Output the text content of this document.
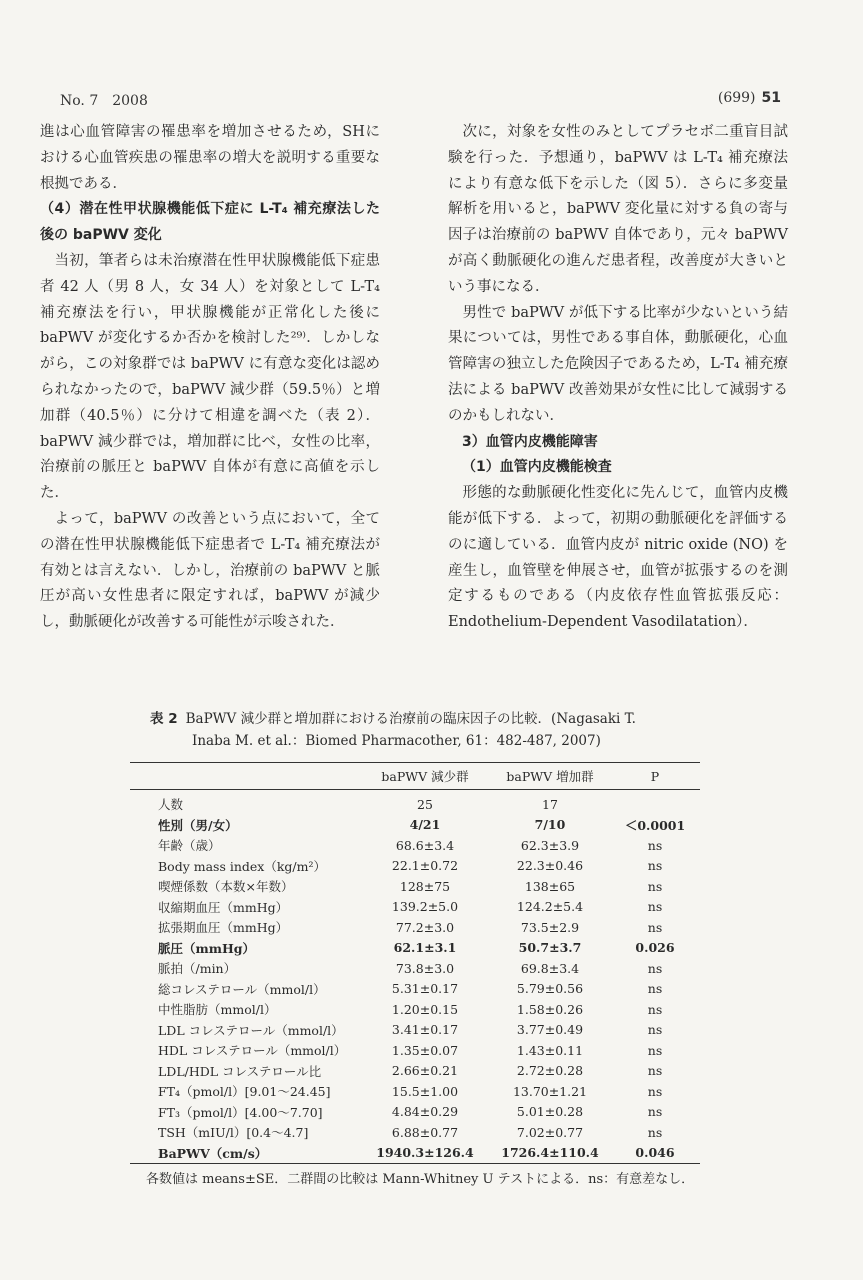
No. 7　2008	(699) 51

進は心血管障害の罹患率を増加させるため，SHにおける心血管疾患の罹患率の増大を説明する重要な根拠である．

（4）潜在性甲状腺機能低下症に L-T₄ 補充療法した後の baPWV 変化

当初，筆者らは未治療潜在性甲状腺機能低下症患者 42 人（男 8 人，女 34 人）を対象として L-T₄ 補充療法を行い，甲状腺機能が正常化した後に baPWV が変化するか否かを検討した²⁹⁾．しかしながら，この対象群では baPWV に有意な変化は認められなかったので，baPWV 減少群（59.5％）と増加群（40.5％）に分けて相違を調べた（表 2）．baPWV 減少群では，増加群に比べ，女性の比率，治療前の脈圧と baPWV 自体が有意に高値を示した．

よって，baPWV の改善という点において，全ての潜在性甲状腺機能低下症患者で L-T₄ 補充療法が有効とは言えない．しかし，治療前の baPWV と脈圧が高い女性患者に限定すれば，baPWV が減少し，動脈硬化が改善する可能性が示唆された．

次に，対象を女性のみとしてプラセボ二重盲目試験を行った．予想通り，baPWV は L-T₄ 補充療法により有意な低下を示した（図 5）．さらに多変量解析を用いると，baPWV 変化量に対する負の寄与因子は治療前の baPWV 自体であり，元々 baPWV が高く動脈硬化の進んだ患者程，改善度が大きいという事になる．

男性で baPWV が低下する比率が少ないという結果については，男性である事自体，動脈硬化，心血管障害の独立した危険因子であるため，L-T₄ 補充療法による baPWV 改善効果が女性に比して減弱するのかもしれない．

3）血管内皮機能障害
（1）血管内皮機能検査

形態的な動脈硬化性変化に先んじて，血管内皮機能が低下する．よって，初期の動脈硬化を評価するのに適している．血管内皮が nitric oxide (NO) を産生し，血管壁を伸展させ，血管が拡張するのを測定するものである（内皮依存性血管拡張反応：Endothelium-Dependent Vasodilatation）．

表 2 BaPWV 減少群と増加群における治療前の臨床因子の比較．(Nagasaki T.
Inaba M. et al.：Biomed Pharmacother, 61：482-487, 2007)
	baPWV 減少群	baPWV 増加群	P
人数	25	17	
性別（男/女）	4/21	7/10	＜0.0001
年齢（歳）	68.6±3.4	62.3±3.9	ns
Body mass index（kg/m²）	22.1±0.72	22.3±0.46	ns
喫煙係数（本数×年数）	128±75	138±65	ns
収縮期血圧（mmHg）	139.2±5.0	124.2±5.4	ns
拡張期血圧（mmHg）	77.2±3.0	73.5±2.9	ns
脈圧（mmHg）	62.1±3.1	50.7±3.7	0.026
脈拍（/min）	73.8±3.0	69.8±3.4	ns
総コレステロール（mmol/l）	5.31±0.17	5.79±0.56	ns
中性脂肪（mmol/l）	1.20±0.15	1.58±0.26	ns
LDL コレステロール（mmol/l）	3.41±0.17	3.77±0.49	ns
HDL コレステロール（mmol/l）	1.35±0.07	1.43±0.11	ns
LDL/HDL コレステロール比	2.66±0.21	2.72±0.28	ns
FT₄（pmol/l）[9.01～24.45]	15.5±1.00	13.70±1.21	ns
FT₃（pmol/l）[4.00～7.70]	4.84±0.29	5.01±0.28	ns
TSH（mIU/l）[0.4～4.7]	6.88±0.77	7.02±0.77	ns
BaPWV（cm/s）	1940.3±126.4	1726.4±110.4	0.046
各数値は means±SE．二群間の比較は Mann-Whitney U テストによる．ns：有意差なし．
